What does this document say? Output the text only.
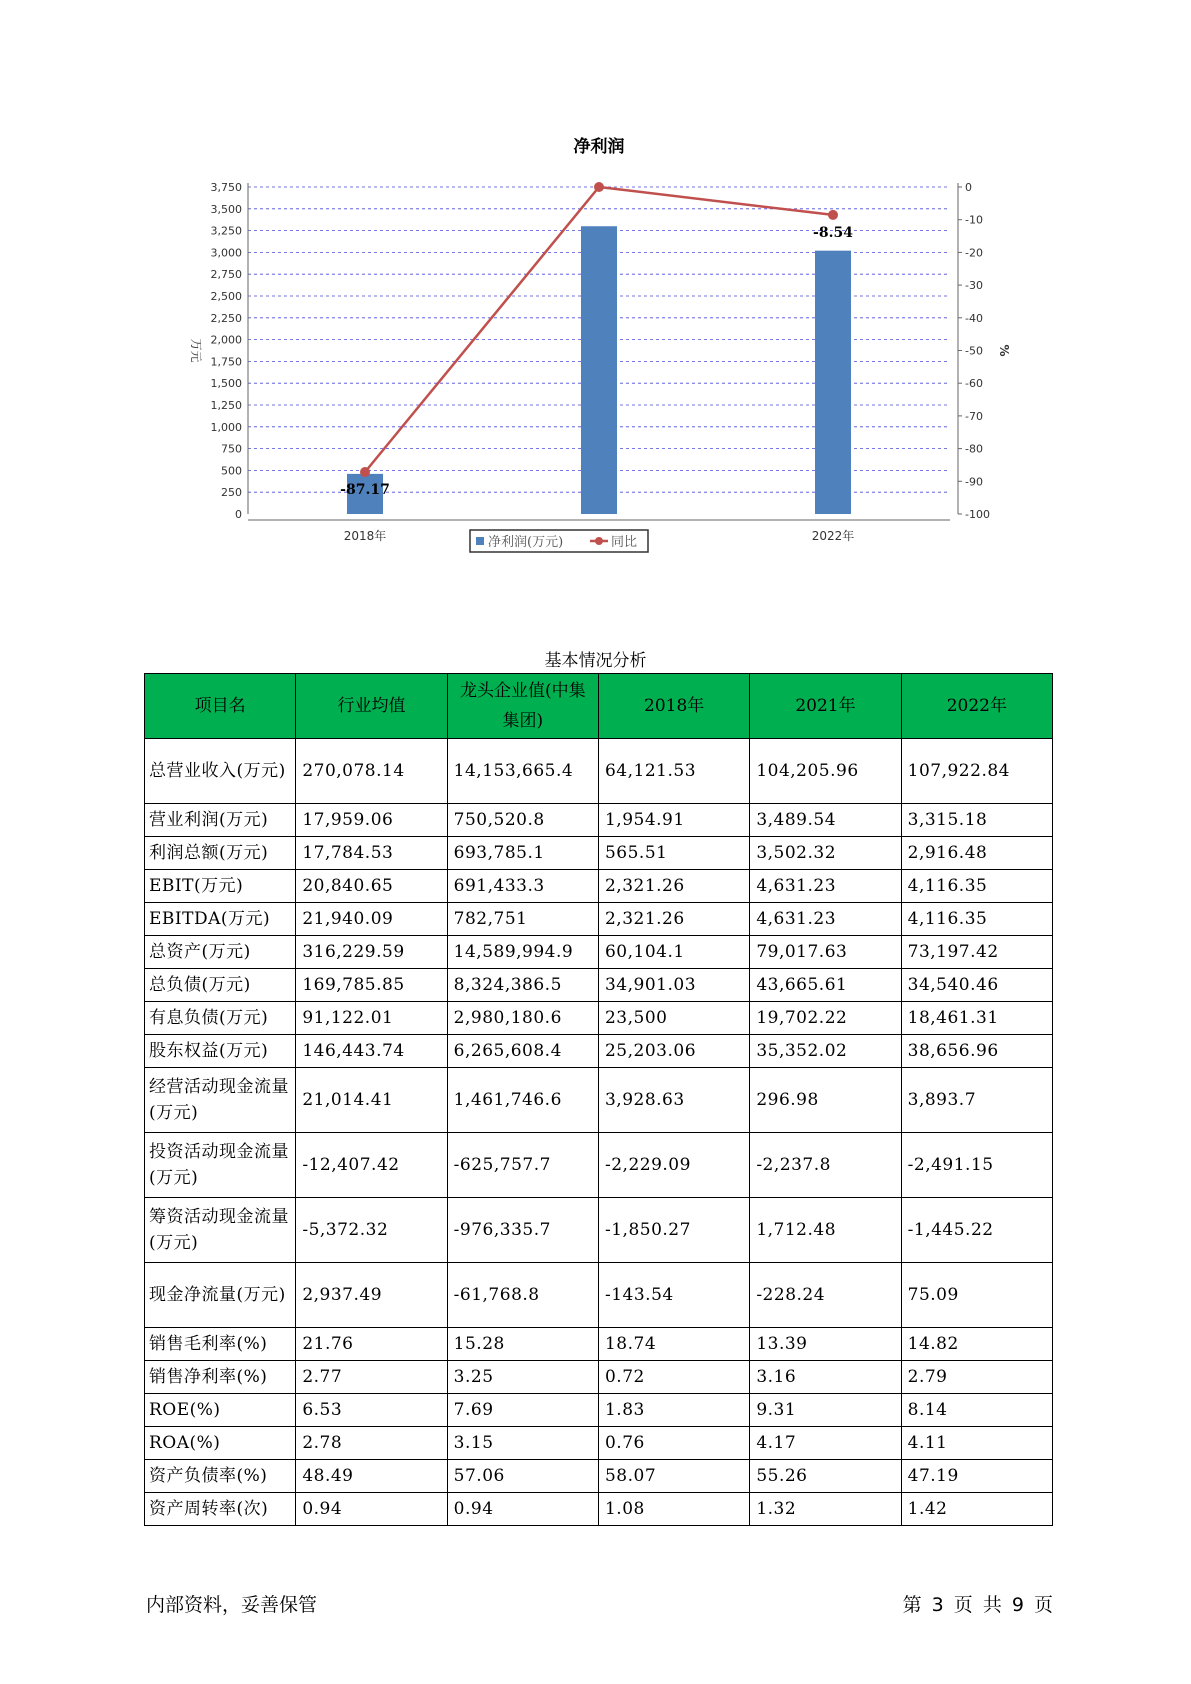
净利润
0
250
500
750
1,000
1,250
1,500
1,750
2,000
2,250
2,500
2,750
3,000
3,250
3,500
3,750	0
-10
-20
-30
-40
-50
-60
-70
-80
-90
-100
万元	%
2018年	2022年
-87.17
-8.54
净利润(万元)	同比
基本情况分析
项目名	行业均值	龙头企业值(中集集团)	2018年	2021年	2022年
总营业收入(万元)	270,078.14	14,153,665.4	64,121.53	104,205.96	107,922.84
营业利润(万元)	17,959.06	750,520.8	1,954.91	3,489.54	3,315.18
利润总额(万元)	17,784.53	693,785.1	565.51	3,502.32	2,916.48
EBIT(万元)	20,840.65	691,433.3	2,321.26	4,631.23	4,116.35
EBITDA(万元)	21,940.09	782,751	2,321.26	4,631.23	4,116.35
总资产(万元)	316,229.59	14,589,994.9	60,104.1	79,017.63	73,197.42
总负债(万元)	169,785.85	8,324,386.5	34,901.03	43,665.61	34,540.46
有息负债(万元)	91,122.01	2,980,180.6	23,500	19,702.22	18,461.31
股东权益(万元)	146,443.74	6,265,608.4	25,203.06	35,352.02	38,656.96
经营活动现金流量(万元)	21,014.41	1,461,746.6	3,928.63	296.98	3,893.7
投资活动现金流量(万元)	-12,407.42	-625,757.7	-2,229.09	-2,237.8	-2,491.15
筹资活动现金流量(万元)	-5,372.32	-976,335.7	-1,850.27	1,712.48	-1,445.22
现金净流量(万元)	2,937.49	-61,768.8	-143.54	-228.24	75.09
销售毛利率(%)	21.76	15.28	18.74	13.39	14.82
销售净利率(%)	2.77	3.25	0.72	3.16	2.79
ROE(%)	6.53	7.69	1.83	9.31	8.14
ROA(%)	2.78	3.15	0.76	4.17	4.11
资产负债率(%)	48.49	57.06	58.07	55.26	47.19
资产周转率(次)	0.94	0.94	1.08	1.32	1.42
内部资料，妥善保管	第 3 页 共 9 页
